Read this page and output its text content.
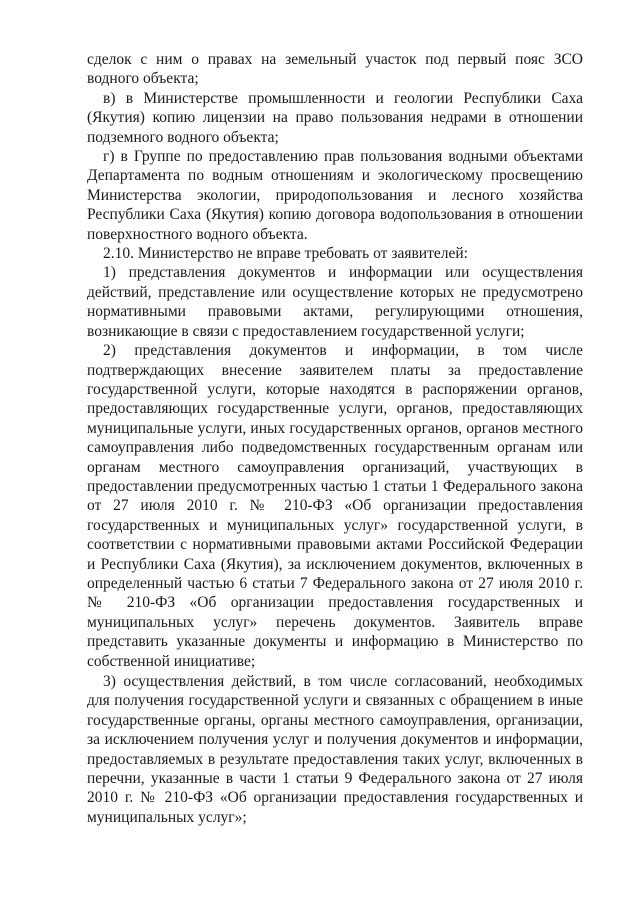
сделок с ним о правах на земельный участок под первый пояс ЗСО водного объекта;

в) в Министерстве промышленности и геологии Республики Саха (Якутия) копию лицензии на право пользования недрами в отношении подземного водного объекта;

г) в Группе по предоставлению прав пользования водными объектами Департамента по водным отношениям и экологическому просвещению Министерства экологии, природопользования и лесного хозяйства Республики Саха (Якутия) копию договора водопользования в отношении поверхностного водного объекта.

2.10. Министерство не вправе требовать от заявителей:

1) представления документов и информации или осуществления действий, представление или осуществление которых не предусмотрено нормативными правовыми актами, регулирующими отношения, возникающие в связи с предоставлением государственной услуги;

2) представления документов и информации, в том числе подтверждающих внесение заявителем платы за предоставление государственной услуги, которые находятся в распоряжении органов, предоставляющих государственные услуги, органов, предоставляющих муниципальные услуги, иных государственных органов, органов местного самоуправления либо подведомственных государственным органам или органам местного самоуправления организаций, участвующих в предоставлении предусмотренных частью 1 статьи 1 Федерального закона от 27 июля 2010 г. № 210-ФЗ «Об организации предоставления государственных и муниципальных услуг» государственной услуги, в соответствии с нормативными правовыми актами Российской Федерации и Республики Саха (Якутия), за исключением документов, включенных в определенный частью 6 статьи 7 Федерального закона от 27 июля 2010 г. № 210-ФЗ «Об организации предоставления государственных и муниципальных услуг» перечень документов. Заявитель вправе представить указанные документы и информацию в Министерство по собственной инициативе;

3) осуществления действий, в том числе согласований, необходимых для получения государственной услуги и связанных с обращением в иные государственные органы, органы местного самоуправления, организации, за исключением получения услуг и получения документов и информации, предоставляемых в результате предоставления таких услуг, включенных в перечни, указанные в части 1 статьи 9 Федерального закона от 27 июля 2010 г. № 210-ФЗ «Об организации предоставления государственных и муниципальных услуг»;
